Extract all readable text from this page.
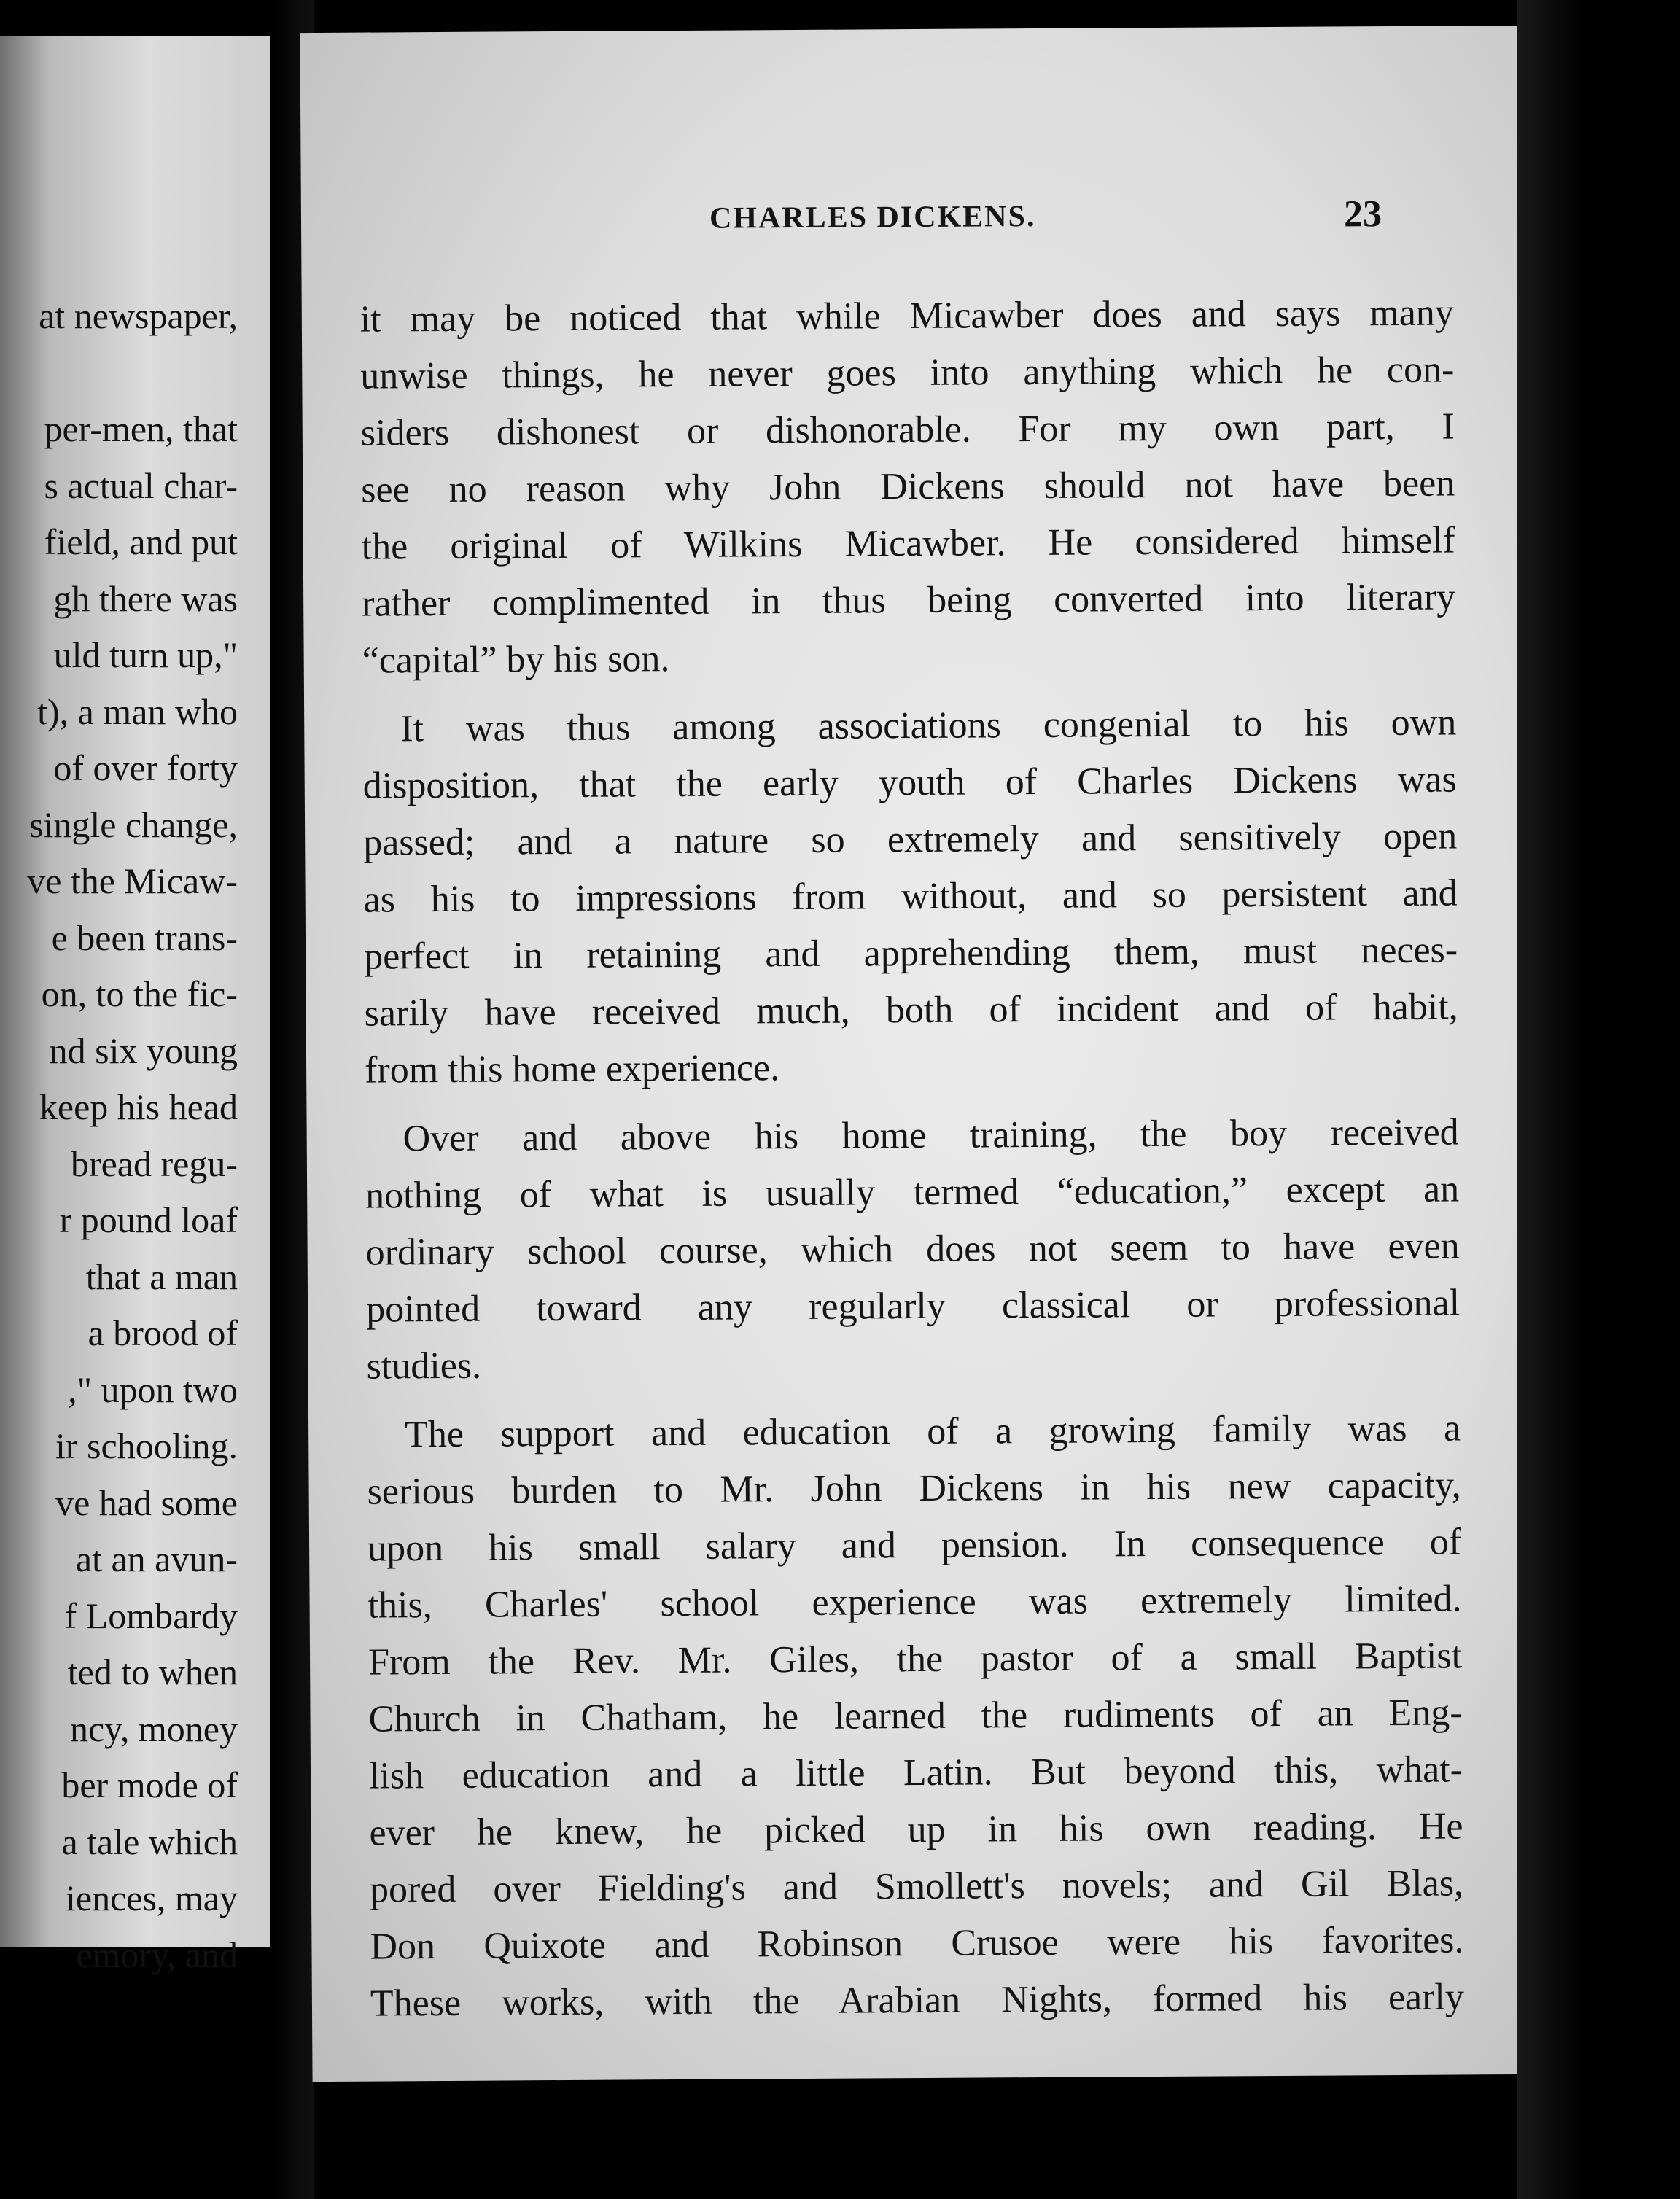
at newspaper,
per-men, that
s actual char-
field, and put
gh there was
uld turn up,"
t), a man who
of over forty
single change,
ve the Micaw-
e been trans-
on, to the fic-
nd six young
keep his head
bread regu-
r pound loaf
that a man
a brood of
," upon two
ir schooling.
ve had some
at an avun-
f Lombardy
ted to when
ncy, money
ber mode of
a tale which
iences, may
emory, and
CHARLES DICKENS.	23
it may be noticed that while Micawber does and says many
unwise things, he never goes into anything which he con-
siders dishonest or dishonorable. For my own part, I
see no reason why John Dickens should not have been
the original of Wilkins Micawber. He considered himself
rather complimented in thus being converted into literary
“capital” by his son.
It was thus among associations congenial to his own
disposition, that the early youth of Charles Dickens was
passed; and a nature so extremely and sensitively open
as his to impressions from without, and so persistent and
perfect in retaining and apprehending them, must neces-
sarily have received much, both of incident and of habit,
from this home experience.
Over and above his home training, the boy received
nothing of what is usually termed “education,” except an
ordinary school course, which does not seem to have even
pointed toward any regularly classical or professional
studies.
The support and education of a growing family was a
serious burden to Mr. John Dickens in his new capacity,
upon his small salary and pension. In consequence of
this, Charles' school experience was extremely limited.
From the Rev. Mr. Giles, the pastor of a small Baptist
Church in Chatham, he learned the rudiments of an Eng-
lish education and a little Latin. But beyond this, what-
ever he knew, he picked up in his own reading. He
pored over Fielding's and Smollett's novels; and Gil Blas,
Don Quixote and Robinson Crusoe were his favorites.
These works, with the Arabian Nights, formed his early
